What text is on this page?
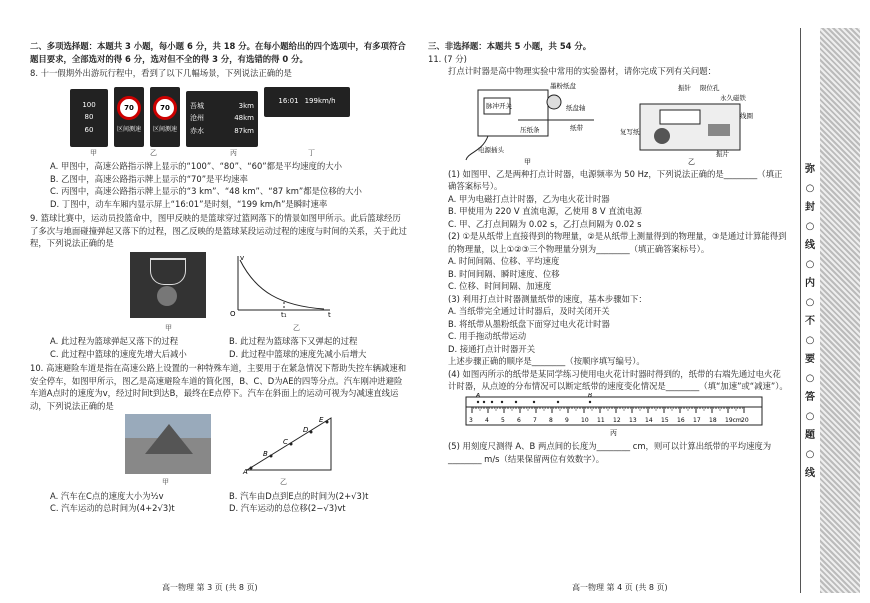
二、多项选择题：本题共 3 小题，每小题 6 分，共 18 分。在每小题给出的四个选项中，有多项符合题目要求，全部选对的得 6 分，选对但不全的得 3 分，有选错的得 0 分。

8. 十一假期外出游玩行程中，看到了以下几幅场景，下列说法正确的是

100
80
60
70
区间测速
70
区间测速
吾城	3km
沧州	48km
赤水	87km
16:01 199km/h
甲	乙	丙	丁

A. 甲图中，高速公路指示牌上显示的“100”、“80”、“60”都是平均速度的大小

B. 乙图中，高速公路指示牌上显示的“70”是平均速率

C. 丙图中，高速公路指示牌上显示的“3 km”、“48 km”、“87 km”都是位移的大小

D. 丁图中，动车车厢内显示屏上“16:01”是时刻，“199 km/h”是瞬时速率

9. 篮球比赛中，运动员投篮命中，图甲反映的是篮球穿过篮网落下的情景如图甲所示。此后篮球经历了多次与地面碰撞弹起又落下的过程，图乙反映的是篮球某段运动过程的速度与时间的关系，关于此过程，下列说法正确的是

v
O	t₁	t
甲	乙
A. 此过程为篮球弹起又落下的过程	B. 此过程为篮球落下又弹起的过程
C. 此过程中篮球的速度先增大后减小	D. 此过程中篮球的速度先减小后增大

10. 高速避险车道是指在高速公路上设置的一种特殊车道，主要用于在紧急情况下帮助失控车辆减速和安全停车，如图甲所示，图乙是高速避险车道的简化图，B、C、D为AE的四等分点。汽车刚冲进避险车道A点时的速度为v，经过时间t到达B，最终在E点停下。汽车在斜面上的运动可视为匀减速直线运动，下列说法正确的是

A
B
C
D
E
甲	乙
A. 汽车在C点的速度大小为½v	B. 汽车由D点到E点的时间为(2+√3)t
C. 汽车运动的总时间为(4+2√3)t	D. 汽车运动的总位移(2−√3)vt

三、非选择题：本题共 5 小题，共 54 分。

11. (7 分)

打点计时器是高中物理实验中常用的实验器材，请你完成下列有关问题：

墨粉纸盘
脉冲开关	纸盘轴
纸带
电源插头
压纸条
甲
振针 限位孔
永久磁铁
线圈
复写纸
振片
乙

(1) 如图甲、乙是两种打点计时器，电源频率为 50 Hz，下列说法正确的是________（填正确答案标号）。

A. 甲为电磁打点计时器，乙为电火花计时器

B. 甲使用为 220 V 直流电源，乙使用 8 V 直流电源

C. 甲、乙打点间隔为 0.02 s，乙打点间隔为 0.02 s

(2) ①是从纸带上直接得到的物理量，②是从纸带上测量得到的物理量，③是通过计算能得到的物理量，以上①②③三个物理量分别为________（填正确答案标号）。

A. 时间间隔、位移、平均速度

B. 时间间隔、瞬时速度、位移

C. 位移、时间间隔、加速度

(3) 利用打点计时器测量纸带的速度，基本步骤如下：

A. 当纸带完全通过计时器后，及时关闭开关

B. 将纸带从墨粉纸盘下面穿过电火花计时器

C. 用手拖动纸带运动

D. 接通打点计时器开关

上述步骤正确的顺序是________（按顺序填写编号）。

(4) 如图丙所示的纸带是某同学练习使用电火花计时器时得到的，纸带的右端先通过电火花计时器，从点迹的分布情况可以断定纸带的速度变化情况是________（填“加速”或“减速”）。

3 4 5 6 7 8 9 10 11 12 13 14 15 16 17 18 19cm 20
A	B
丙

(5) 用刻度尺测得 A、B 两点间的长度为________ cm，则可以计算出纸带的平均速度为________ m/s（结果保留两位有效数字）。

高一物理 第 3 页 (共 8 页)	高一物理 第 4 页 (共 8 页)
弥○封○线○内○不○要○答○题○线
